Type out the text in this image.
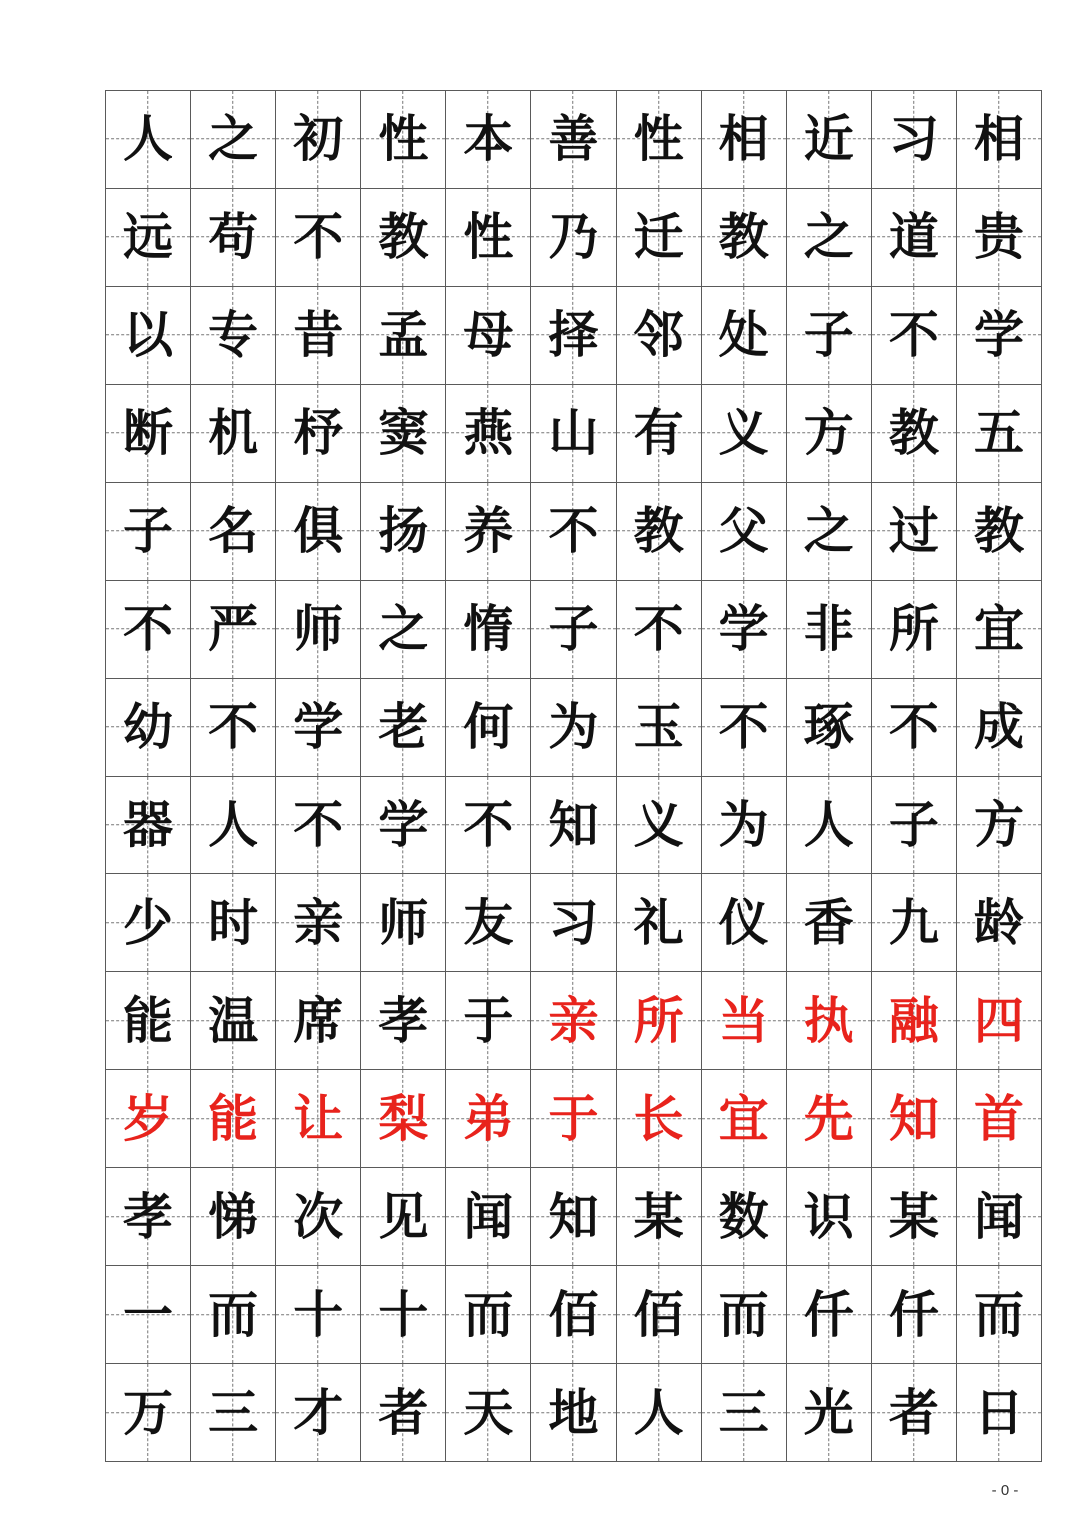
人 之 初 性 本 善 性 相 近 习 相
远 苟 不 教 性 乃 迁 教 之 道 贵
以 专 昔 孟 母 择 邻 处 子 不 学
断 机 杼 窦 燕 山 有 义 方 教 五
子 名 俱 扬 养 不 教 父 之 过 教
不 严 师 之 惰 子 不 学 非 所 宜
幼 不 学 老 何 为 玉 不 琢 不 成
器 人 不 学 不 知 义 为 人 子 方
少 时 亲 师 友 习 礼 仪 香 九 龄
能 温 席 孝 于 亲 所 当 执 融 四
岁 能 让 梨 弟 于 长 宜 先 知 首
孝 悌 次 见 闻 知 某 数 识 某 闻
一 而 十 十 而 佰 佰 而 仟 仟 而
万 三 才 者 天 地 人 三 光 者 日
- 0 -
